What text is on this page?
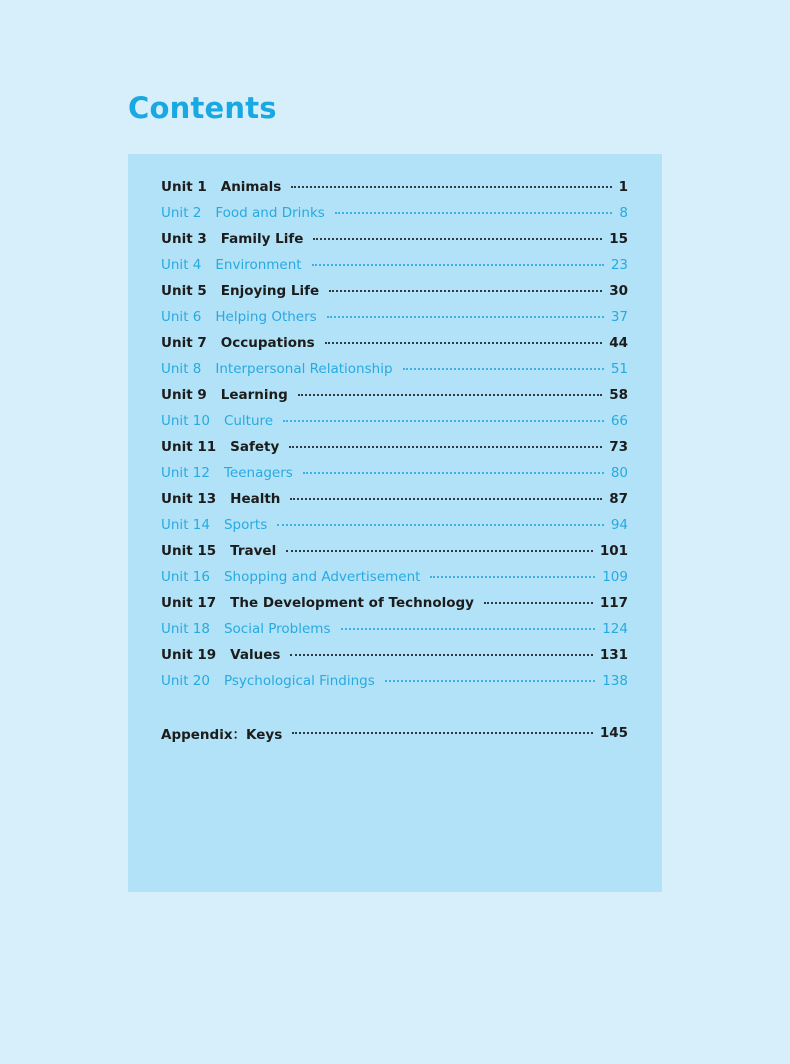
Contents
Unit 1 Animals	1
Unit 2 Food and Drinks	8
Unit 3 Family Life	15
Unit 4 Environment	23
Unit 5 Enjoying Life	30
Unit 6 Helping Others	37
Unit 7 Occupations	44
Unit 8 Interpersonal Relationship	51
Unit 9 Learning	58
Unit 10 Culture	66
Unit 11 Safety	73
Unit 12 Teenagers	80
Unit 13 Health	87
Unit 14 Sports	94
Unit 15 Travel	101
Unit 16 Shopping and Advertisement	109
Unit 17 The Development of Technology	117
Unit 18 Social Problems	124
Unit 19 Values	131
Unit 20 Psychological Findings	138
Appendix：Keys	145
